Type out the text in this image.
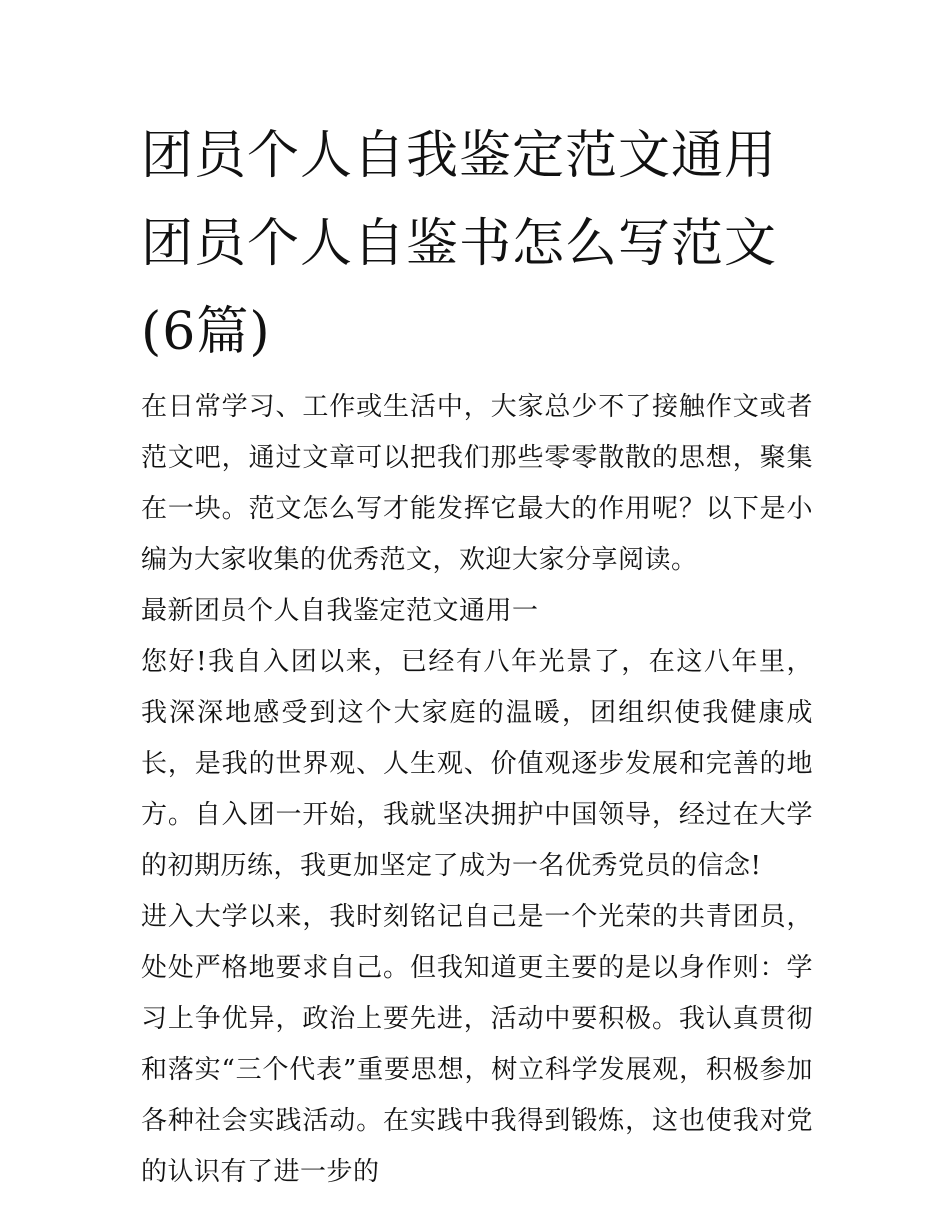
团员个人自我鉴定范文通用 团员个人自鉴书怎么写范文(6篇)

在日常学习、工作或生活中，大家总少不了接触作文或者范文吧，通过文章可以把我们那些零零散散的思想，聚集在一块。范文怎么写才能发挥它最大的作用呢？以下是小编为大家收集的优秀范文，欢迎大家分享阅读。

最新团员个人自我鉴定范文通用一

您好!我自入团以来，已经有八年光景了，在这八年里，我深深地感受到这个大家庭的温暖，团组织使我健康成长，是我的世界观、人生观、价值观逐步发展和完善的地方。自入团一开始，我就坚决拥护中国领导，经过在大学的初期历练，我更加坚定了成为一名优秀党员的信念!

进入大学以来，我时刻铭记自己是一个光荣的共青团员，处处严格地要求自己。但我知道更主要的是以身作则：学习上争优异，政治上要先进，活动中要积极。我认真贯彻和落实“三个代表”重要思想，树立科学发展观，积极参加各种社会实践活动。在实践中我得到锻炼，这也使我对党的认识有了进一步的
